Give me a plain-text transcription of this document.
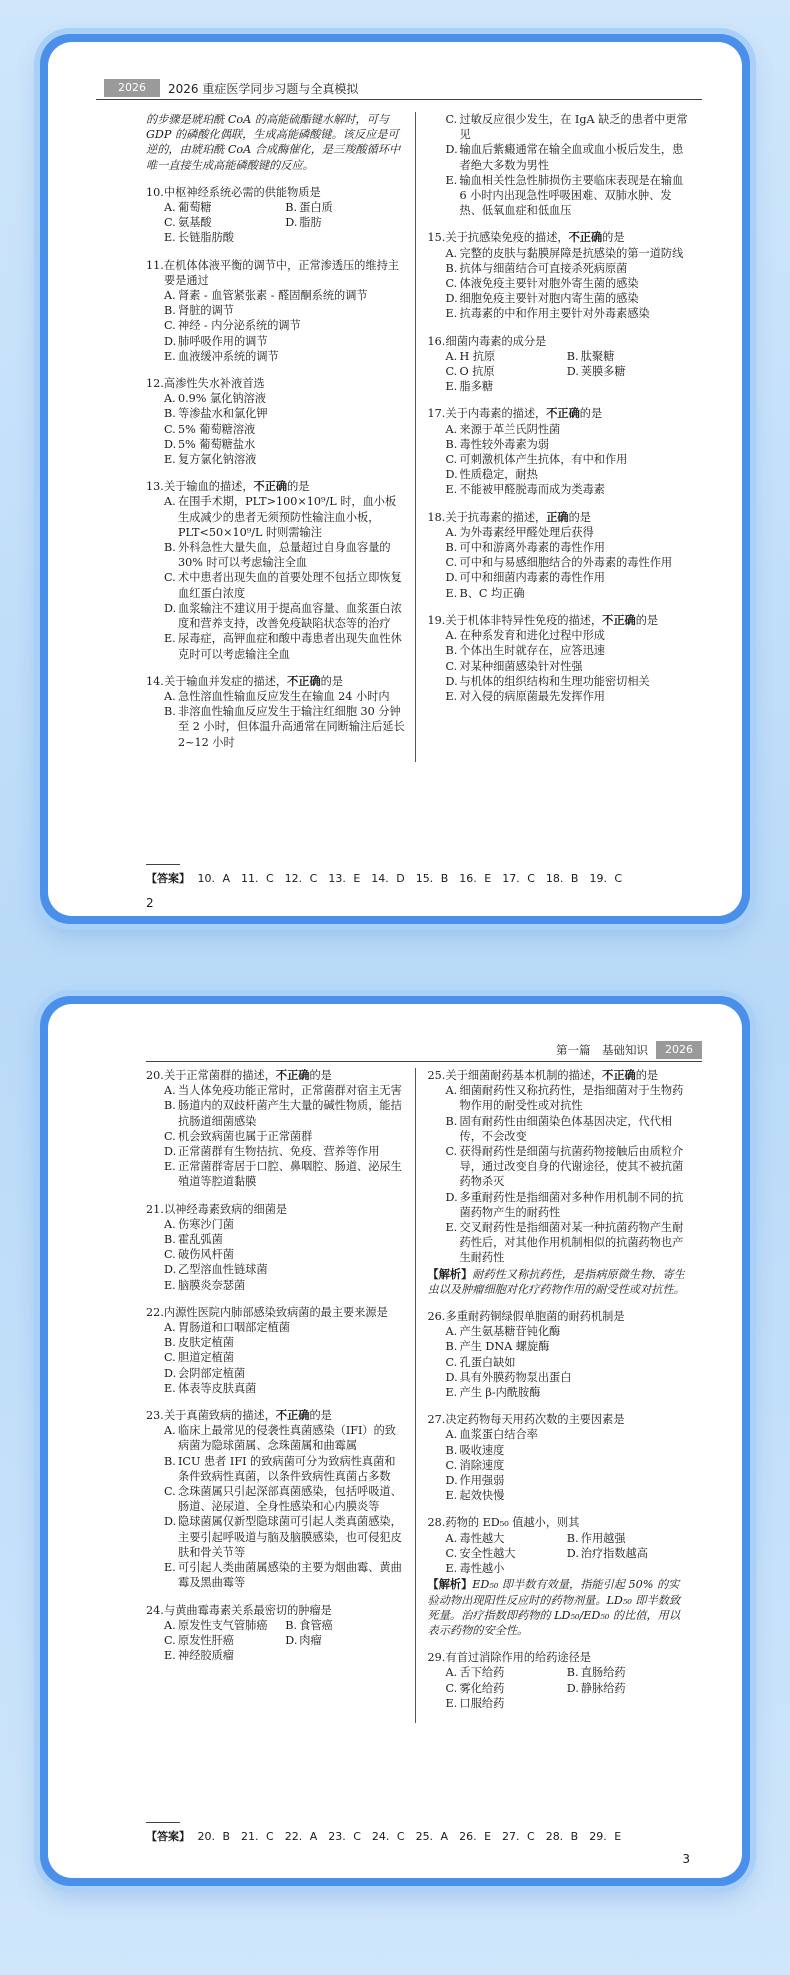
2026	2026 重症医学同步习题与全真模拟
的步骤是琥珀酰 CoA 的高能硫酯键水解时，可与 GDP 的磷酸化偶联，生成高能磷酸键。该反应是可逆的，由琥珀酰 CoA 合成酶催化，是三羧酸循环中唯一直接生成高能磷酸键的反应。
10. 中枢神经系统必需的供能物质是
A. 葡萄糖	B. 蛋白质
C. 氨基酸	D. 脂肪
E. 长链脂肪酸
11. 在机体体液平衡的调节中，正常渗透压的维持主要是通过
A. 肾素 - 血管紧张素 - 醛固酮系统的调节
B. 肾脏的调节
C. 神经 - 内分泌系统的调节
D. 肺呼吸作用的调节
E. 血液缓冲系统的调节
12. 高渗性失水补液首选
A. 0.9% 氯化钠溶液
B. 等渗盐水和氯化钾
C. 5% 葡萄糖溶液
D. 5% 葡萄糖盐水
E. 复方氯化钠溶液
13. 关于输血的描述，不正确的是
A. 在围手术期，PLT>100×10⁹/L 时，血小板生成减少的患者无须预防性输注血小板，PLT<50×10⁹/L 时则需输注
B. 外科急性大量失血，总量超过自身血容量的 30% 时可以考虑输注全血
C. 术中患者出现失血的首要处理不包括立即恢复血红蛋白浓度
D. 血浆输注不建议用于提高血容量、血浆蛋白浓度和营养支持，改善免疫缺陷状态等的治疗
E. 尿毒症，高钾血症和酸中毒患者出现失血性休克时可以考虑输注全血
14. 关于输血并发症的描述，不正确的是
A. 急性溶血性输血反应发生在输血 24 小时内
B. 非溶血性输血反应发生于输注红细胞 30 分钟至 2 小时，但体温升高通常在同断输注后延长 2~12 小时
C. 过敏反应很少发生，在 IgA 缺乏的患者中更常见
D. 输血后紫癜通常在输全血或血小板后发生，患者绝大多数为男性
E. 输血相关性急性肺损伤主要临床表现是在输血 6 小时内出现急性呼吸困难、双肺水肿、发热、低氧血症和低血压
15. 关于抗感染免疫的描述，不正确的是
A. 完整的皮肤与黏膜屏障是抗感染的第一道防线
B. 抗体与细菌结合可直接杀死病原菌
C. 体液免疫主要针对胞外寄生菌的感染
D. 细胞免疫主要针对胞内寄生菌的感染
E. 抗毒素的中和作用主要针对外毒素感染
16. 细菌内毒素的成分是
A. H 抗原	B. 肽聚糖
C. O 抗原	D. 荚膜多糖
E. 脂多糖
17. 关于内毒素的描述，不正确的是
A. 来源于革兰氏阴性菌
B. 毒性较外毒素为弱
C. 可刺激机体产生抗体，有中和作用
D. 性质稳定，耐热
E. 不能被甲醛脱毒而成为类毒素
18. 关于抗毒素的描述，正确的是
A. 为外毒素经甲醛处理后获得
B. 可中和游离外毒素的毒性作用
C. 可中和与易感细胞结合的外毒素的毒性作用
D. 可中和细菌内毒素的毒性作用
E. B、C 均正确
19. 关于机体非特异性免疫的描述，不正确的是
A. 在种系发育和进化过程中形成
B. 个体出生时就存在，应答迅速
C. 对某种细菌感染针对性强
D. 与机体的组织结构和生理功能密切相关
E. 对入侵的病原菌最先发挥作用
【答案】 10. A　11. C　12. C　13. E　14. D　15. B　16. E　17. C　18. B　19. C
2
第一篇　基础知识	2026
20. 关于正常菌群的描述，不正确的是
A. 当人体免疫功能正常时，正常菌群对宿主无害
B. 肠道内的双歧杆菌产生大量的碱性物质，能拮抗肠道细菌感染
C. 机会致病菌也属于正常菌群
D. 正常菌群有生物拮抗、免疫、营养等作用
E. 正常菌群寄居于口腔、鼻咽腔、肠道、泌尿生殖道等腔道黏膜
21. 以神经毒素致病的细菌是
A. 伤寒沙门菌
B. 霍乱弧菌
C. 破伤风杆菌
D. 乙型溶血性链球菌
E. 脑膜炎奈瑟菌
22. 内源性医院内肺部感染致病菌的最主要来源是
A. 胃肠道和口咽部定植菌
B. 皮肤定植菌
C. 胆道定植菌
D. 会阴部定植菌
E. 体表等皮肤真菌
23. 关于真菌致病的描述，不正确的是
A. 临床上最常见的侵袭性真菌感染（IFI）的致病菌为隐球菌属、念珠菌属和曲霉属
B. ICU 患者 IFI 的致病菌可分为致病性真菌和条件致病性真菌，以条件致病性真菌占多数
C. 念珠菌属只引起深部真菌感染，包括呼吸道、肠道、泌尿道、全身性感染和心内膜炎等
D. 隐球菌属仅新型隐球菌可引起人类真菌感染，主要引起呼吸道与脑及脑膜感染，也可侵犯皮肤和骨关节等
E. 可引起人类曲菌属感染的主要为烟曲霉、黄曲霉及黑曲霉等
24. 与黄曲霉毒素关系最密切的肿瘤是
A. 原发性支气管肺癌 B. 食管癌
C. 原发性肝癌	D. 肉瘤
E. 神经胶质瘤
25. 关于细菌耐药基本机制的描述，不正确的是
A. 细菌耐药性又称抗药性，是指细菌对于生物药物作用的耐受性或对抗性
B. 固有耐药性由细菌染色体基因决定，代代相传，不会改变
C. 获得耐药性是细菌与抗菌药物接触后由质粒介导，通过改变自身的代谢途径，使其不被抗菌药物杀灭
D. 多重耐药性是指细菌对多种作用机制不同的抗菌药物产生的耐药性
E. 交叉耐药性是指细菌对某一种抗菌药物产生耐药性后，对其他作用机制相似的抗菌药物也产生耐药性
【解析】耐药性又称抗药性，是指病原微生物、寄生虫以及肿瘤细胞对化疗药物作用的耐受性或对抗性。
26. 多重耐药铜绿假单胞菌的耐药机制是
A. 产生氨基糖苷钝化酶
B. 产生 DNA 螺旋酶
C. 孔蛋白缺如
D. 具有外膜药物泵出蛋白
E. 产生 β-内酰胺酶
27. 决定药物每天用药次数的主要因素是
A. 血浆蛋白结合率
B. 吸收速度
C. 消除速度
D. 作用强弱
E. 起效快慢
28. 药物的 ED₅₀ 值越小，则其
A. 毒性越大	B. 作用越强
C. 安全性越大	D. 治疗指数越高
E. 毒性越小
【解析】ED₅₀ 即半数有效量，指能引起 50% 的实验动物出现阳性反应时的药物剂量。LD₅₀ 即半数致死量。治疗指数即药物的 LD₅₀/ED₅₀ 的比值，用以表示药物的安全性。
29. 有首过消除作用的给药途径是
A. 舌下给药	B. 直肠给药
C. 雾化给药	D. 静脉给药
E. 口服给药
【答案】 20. B　21. C　22. A　23. C　24. C　25. A　26. E　27. C　28. B　29. E
3
